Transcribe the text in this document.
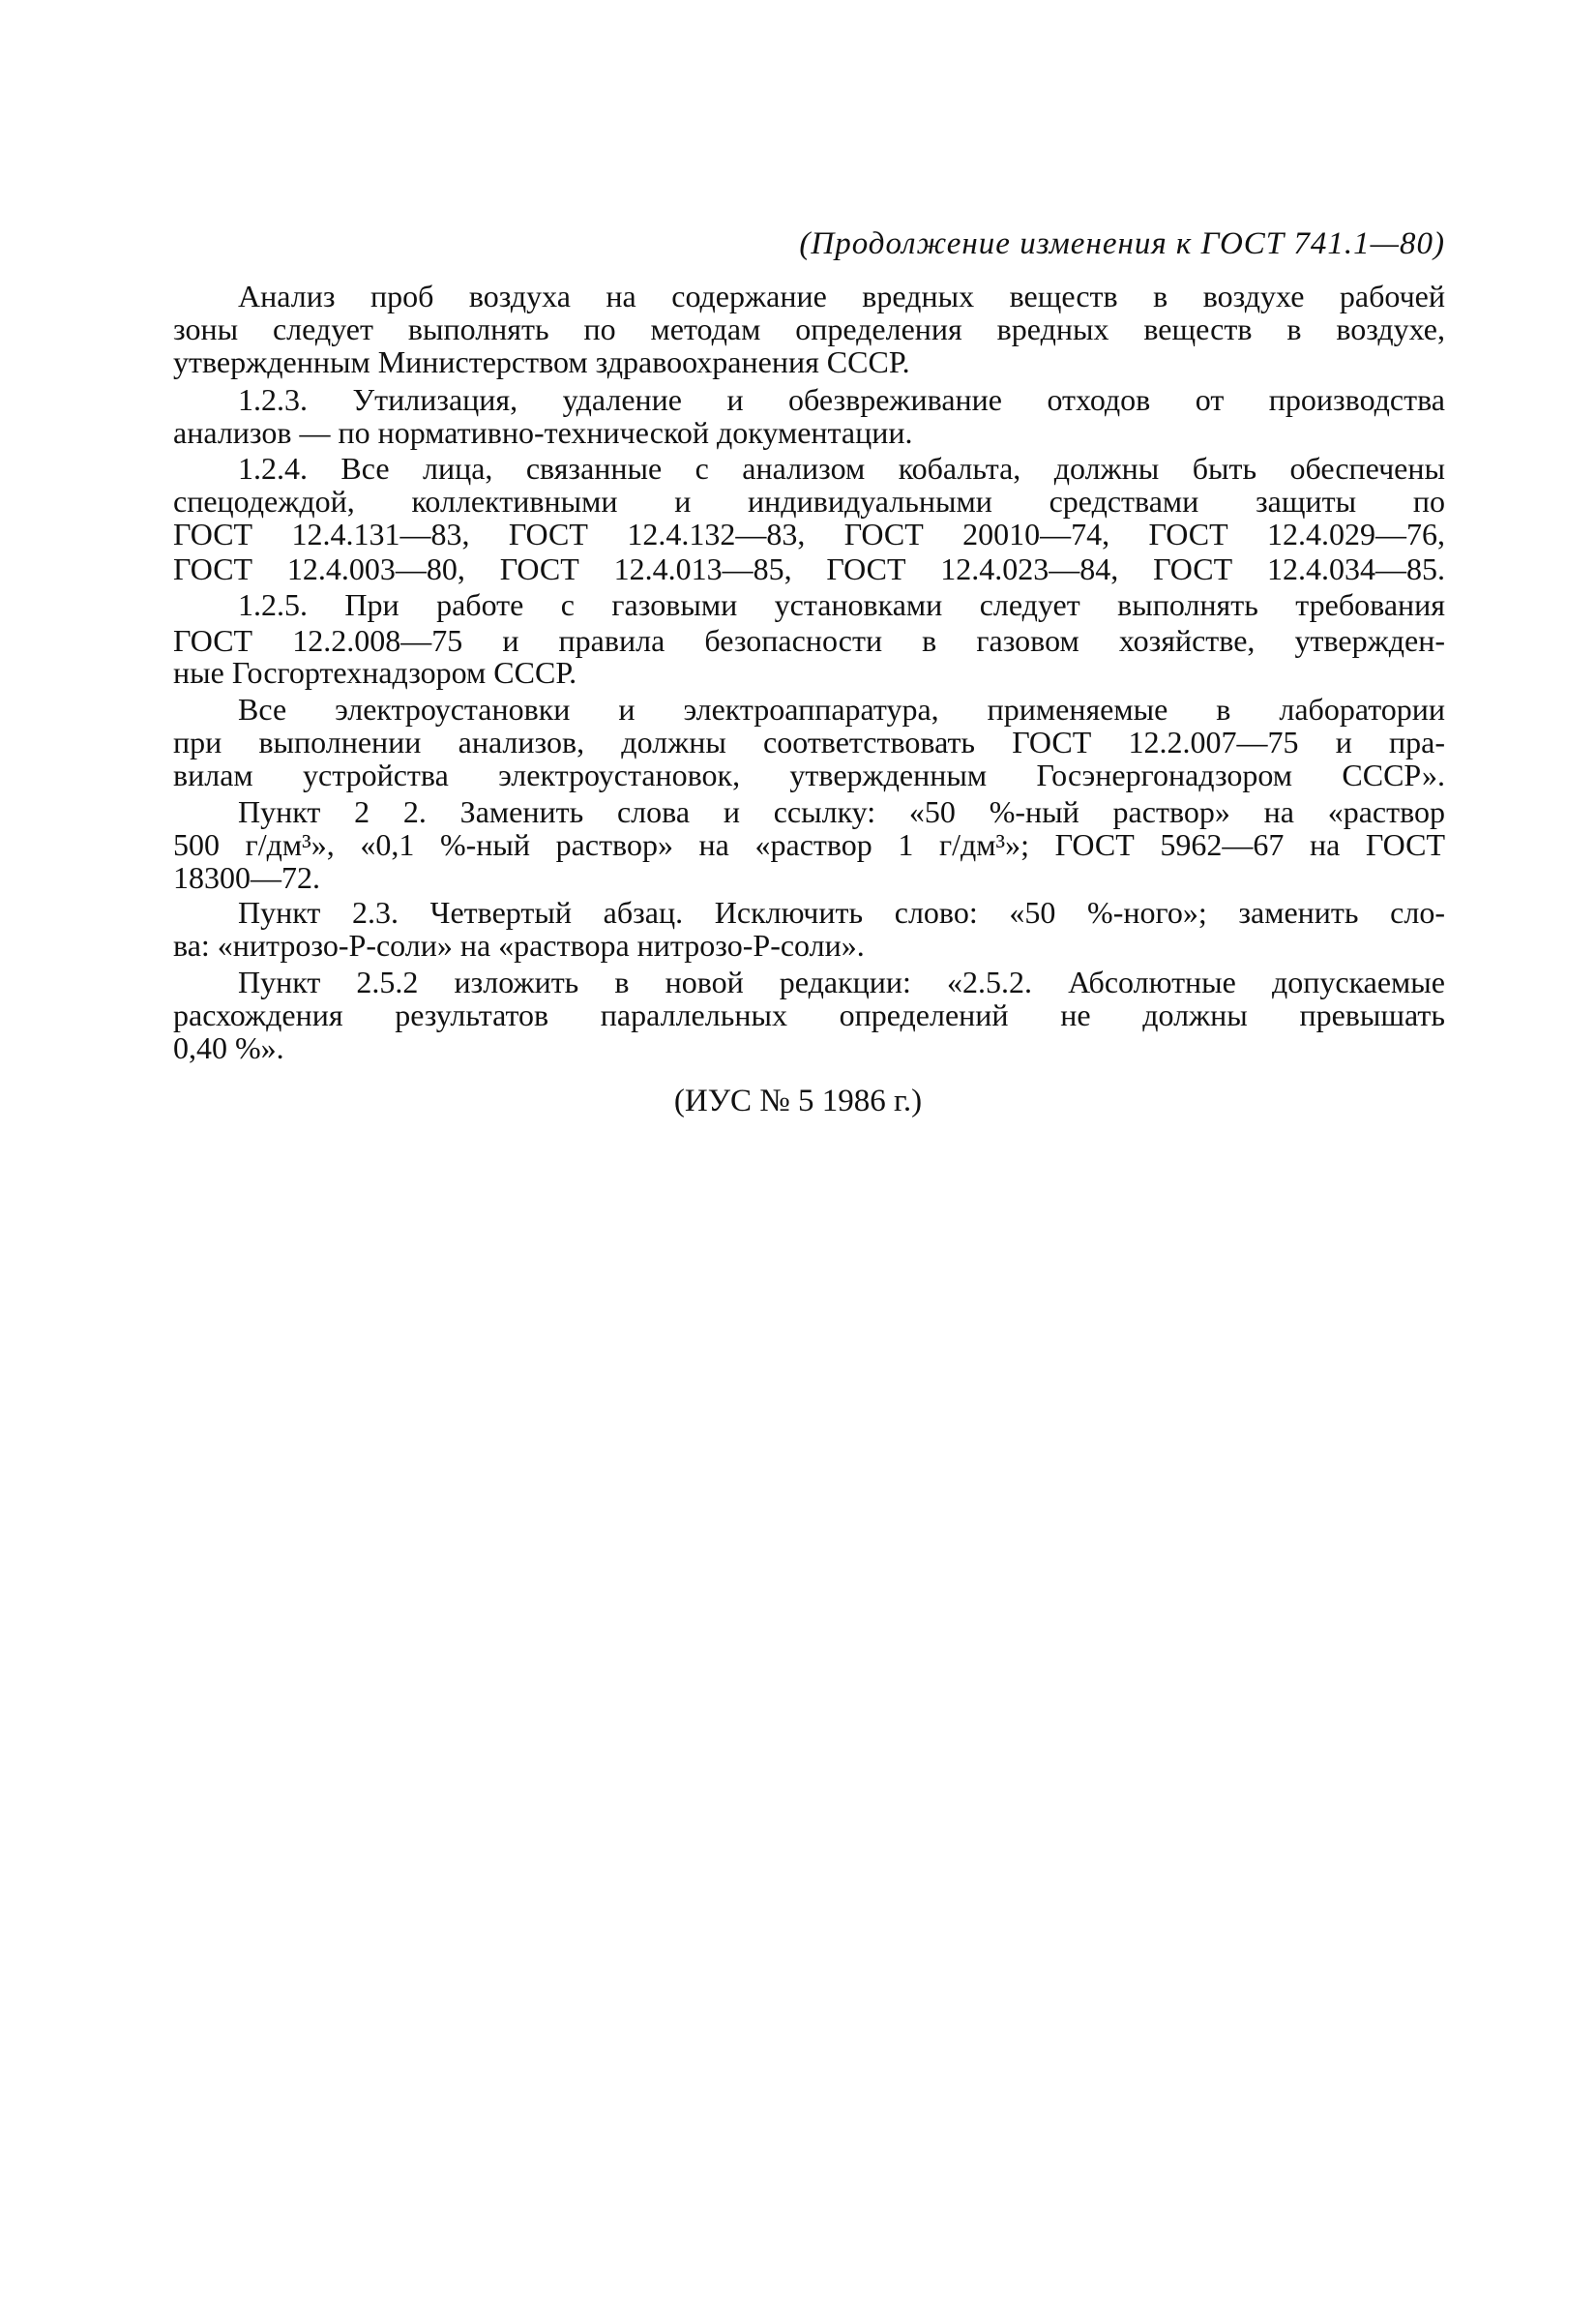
(Продолжение изменения к ГОСТ 741.1—80)
Анализ проб воздуха на содержание вредных веществ в воздухе рабочей
зоны следует выполнять по методам определения вредных веществ в воздухе,
утвержденным Министерством здравоохранения СССР.
1.2.3. Утилизация, удаление и обезвреживание отходов от производства
анализов — по нормативно-технической документации.
1.2.4. Все лица, связанные с анализом кобальта, должны быть обеспечены
спецодеждой, коллективными и индивидуальными средствами защиты по
ГОСТ 12.4.131—83, ГОСТ 12.4.132—83, ГОСТ 20010—74, ГОСТ 12.4.029—76,
ГОСТ 12.4.003—80, ГОСТ 12.4.013—85, ГОСТ 12.4.023—84, ГОСТ 12.4.034—85.
1.2.5. При работе с газовыми установками следует выполнять требования
ГОСТ 12.2.008—75 и правила безопасности в газовом хозяйстве, утвержден-
ные Госгортехнадзором СССР.
Все электроустановки и электроаппаратура, применяемые в лаборатории
при выполнении анализов, должны соответствовать ГОСТ 12.2.007—75 и пра-
вилам устройства электроустановок, утвержденным Госэнергонадзором СССР».
Пункт 2 2. Заменить слова и ссылку: «50 %-ный раствор» на «раствор
500 г/дм³», «0,1 %-ный раствор» на «раствор 1 г/дм³»; ГОСТ 5962—67 на ГОСТ
18300—72.
Пункт 2.3. Четвертый абзац. Исключить слово: «50 %-ного»; заменить сло-
ва: «нитрозо-Р-соли» на «раствора нитрозо-Р-соли».
Пункт 2.5.2 изложить в новой редакции: «2.5.2. Абсолютные допускаемые
расхождения результатов параллельных определений не должны превышать
0,40 %».
(ИУС № 5 1986 г.)
